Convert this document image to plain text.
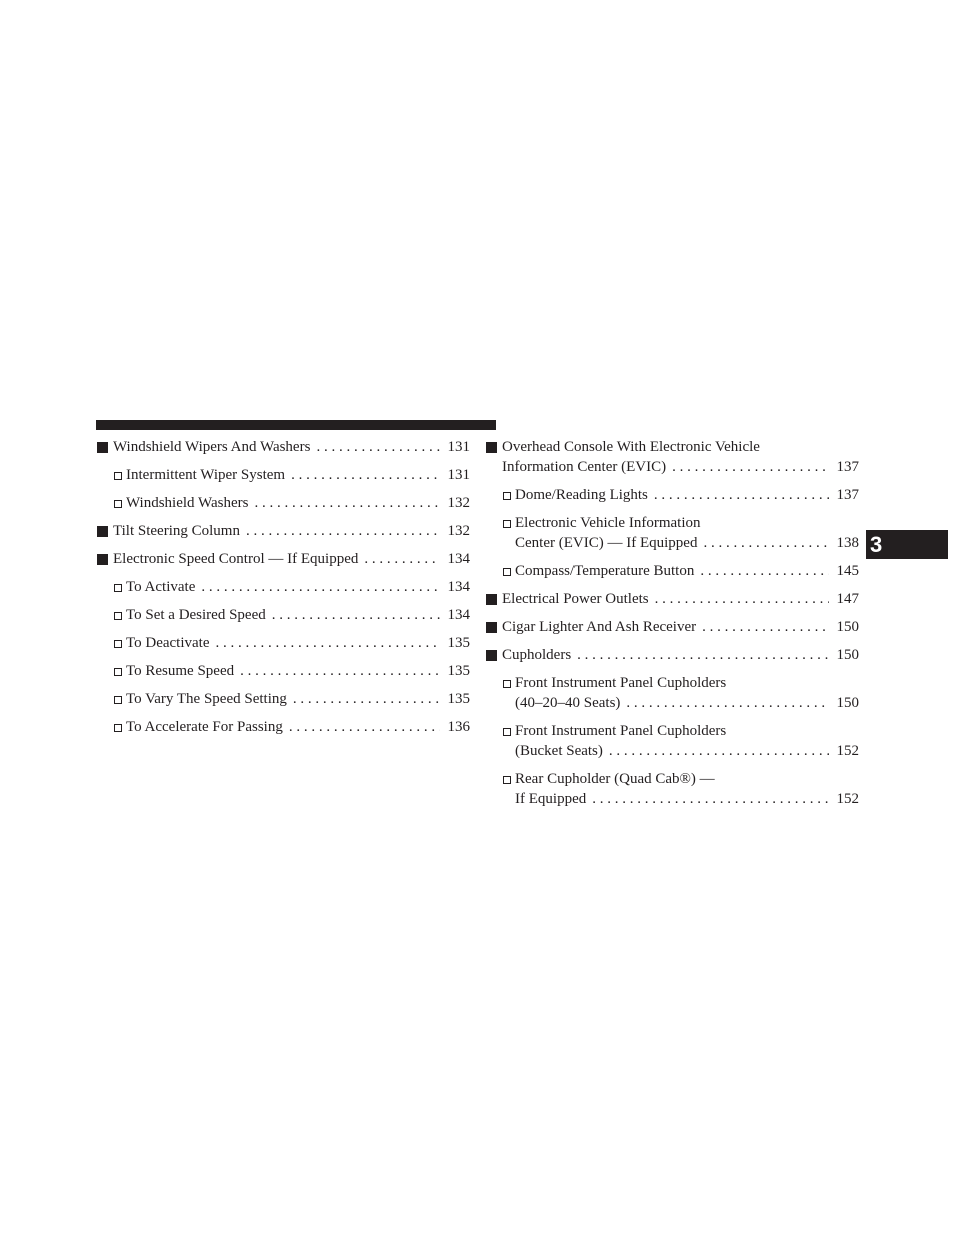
3
Windshield Wipers And Washers . . .	131
Intermittent Wiper System . . .	131
Windshield Washers . . .	132
Tilt Steering Column . . .	132
Electronic Speed Control — If Equipped . . .	134
To Activate . . .	134
To Set a Desired Speed . . .	134
To Deactivate . . .	135
To Resume Speed . . .	135
To Vary The Speed Setting . . .	135
To Accelerate For Passing . . .	136
Overhead Console With Electronic Vehicle
Information Center (EVIC) . . .	137
Dome/Reading Lights . . .	137
Electronic Vehicle Information
Center (EVIC) — If Equipped . . .	138
Compass/Temperature Button . . .	145
Electrical Power Outlets . . .	147
Cigar Lighter And Ash Receiver . . .	150
Cupholders . . .	150
Front Instrument Panel Cupholders
(40–20–40 Seats) . . .	150
Front Instrument Panel Cupholders
(Bucket Seats) . . .	152
Rear Cupholder (Quad Cab®) —
If Equipped . . .	152
